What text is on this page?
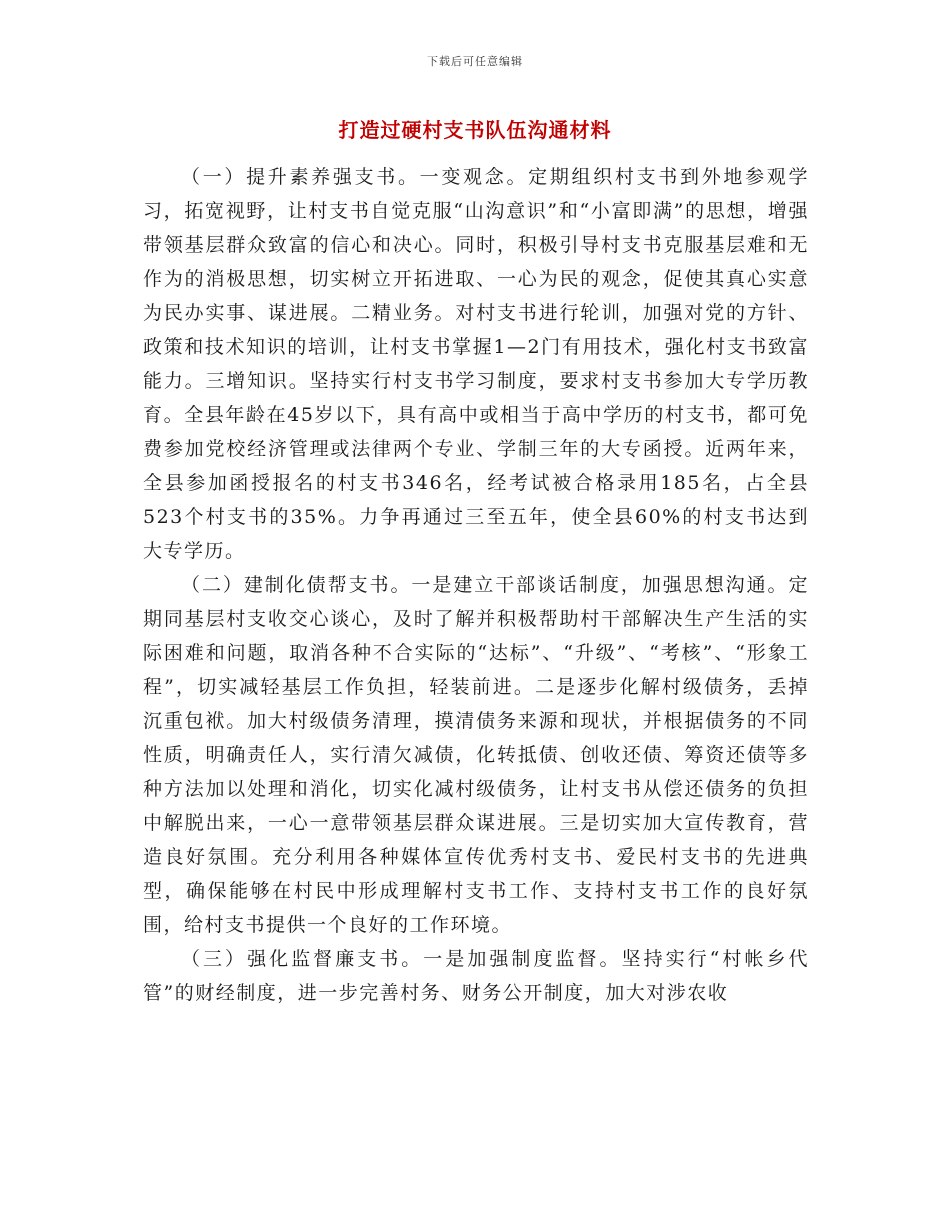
下载后可任意编辑
打造过硬村支书队伍沟通材料

（一）提升素养强支书。一变观念。定期组织村支书到外地参观学习，拓宽视野，让村支书自觉克服“山沟意识”和“小富即满”的思想，增强带领基层群众致富的信心和决心。同时，积极引导村支书克服基层难和无作为的消极思想，切实树立开拓进取、一心为民的观念，促使其真心实意为民办实事、谋进展。二精业务。对村支书进行轮训，加强对党的方针、政策和技术知识的培训，让村支书掌握1—2门有用技术，强化村支书致富能力。三增知识。坚持实行村支书学习制度，要求村支书参加大专学历教育。全县年龄在45岁以下，具有高中或相当于高中学历的村支书，都可免费参加党校经济管理或法律两个专业、学制三年的大专函授。近两年来，全县参加函授报名的村支书346名，经考试被合格录用185名，占全县523个村支书的35%。力争再通过三至五年，使全县60%的村支书达到大专学历。

（二）建制化债帮支书。一是建立干部谈话制度，加强思想沟通。定期同基层村支收交心谈心，及时了解并积极帮助村干部解决生产生活的实际困难和问题，取消各种不合实际的“达标”、“升级”、“考核”、“形象工程”，切实减轻基层工作负担，轻装前进。二是逐步化解村级债务，丢掉沉重包袱。加大村级债务清理，摸清债务来源和现状，并根据债务的不同性质，明确责任人，实行清欠减债，化转抵债、创收还债、筹资还债等多种方法加以处理和消化，切实化减村级债务，让村支书从偿还债务的负担中解脱出来，一心一意带领基层群众谋进展。三是切实加大宣传教育，营造良好氛围。充分利用各种媒体宣传优秀村支书、爱民村支书的先进典型，确保能够在村民中形成理解村支书工作、支持村支书工作的良好氛围，给村支书提供一个良好的工作环境。

（三）强化监督廉支书。一是加强制度监督。坚持实行“村帐乡代管”的财经制度，进一步完善村务、财务公开制度，加大对涉农收
